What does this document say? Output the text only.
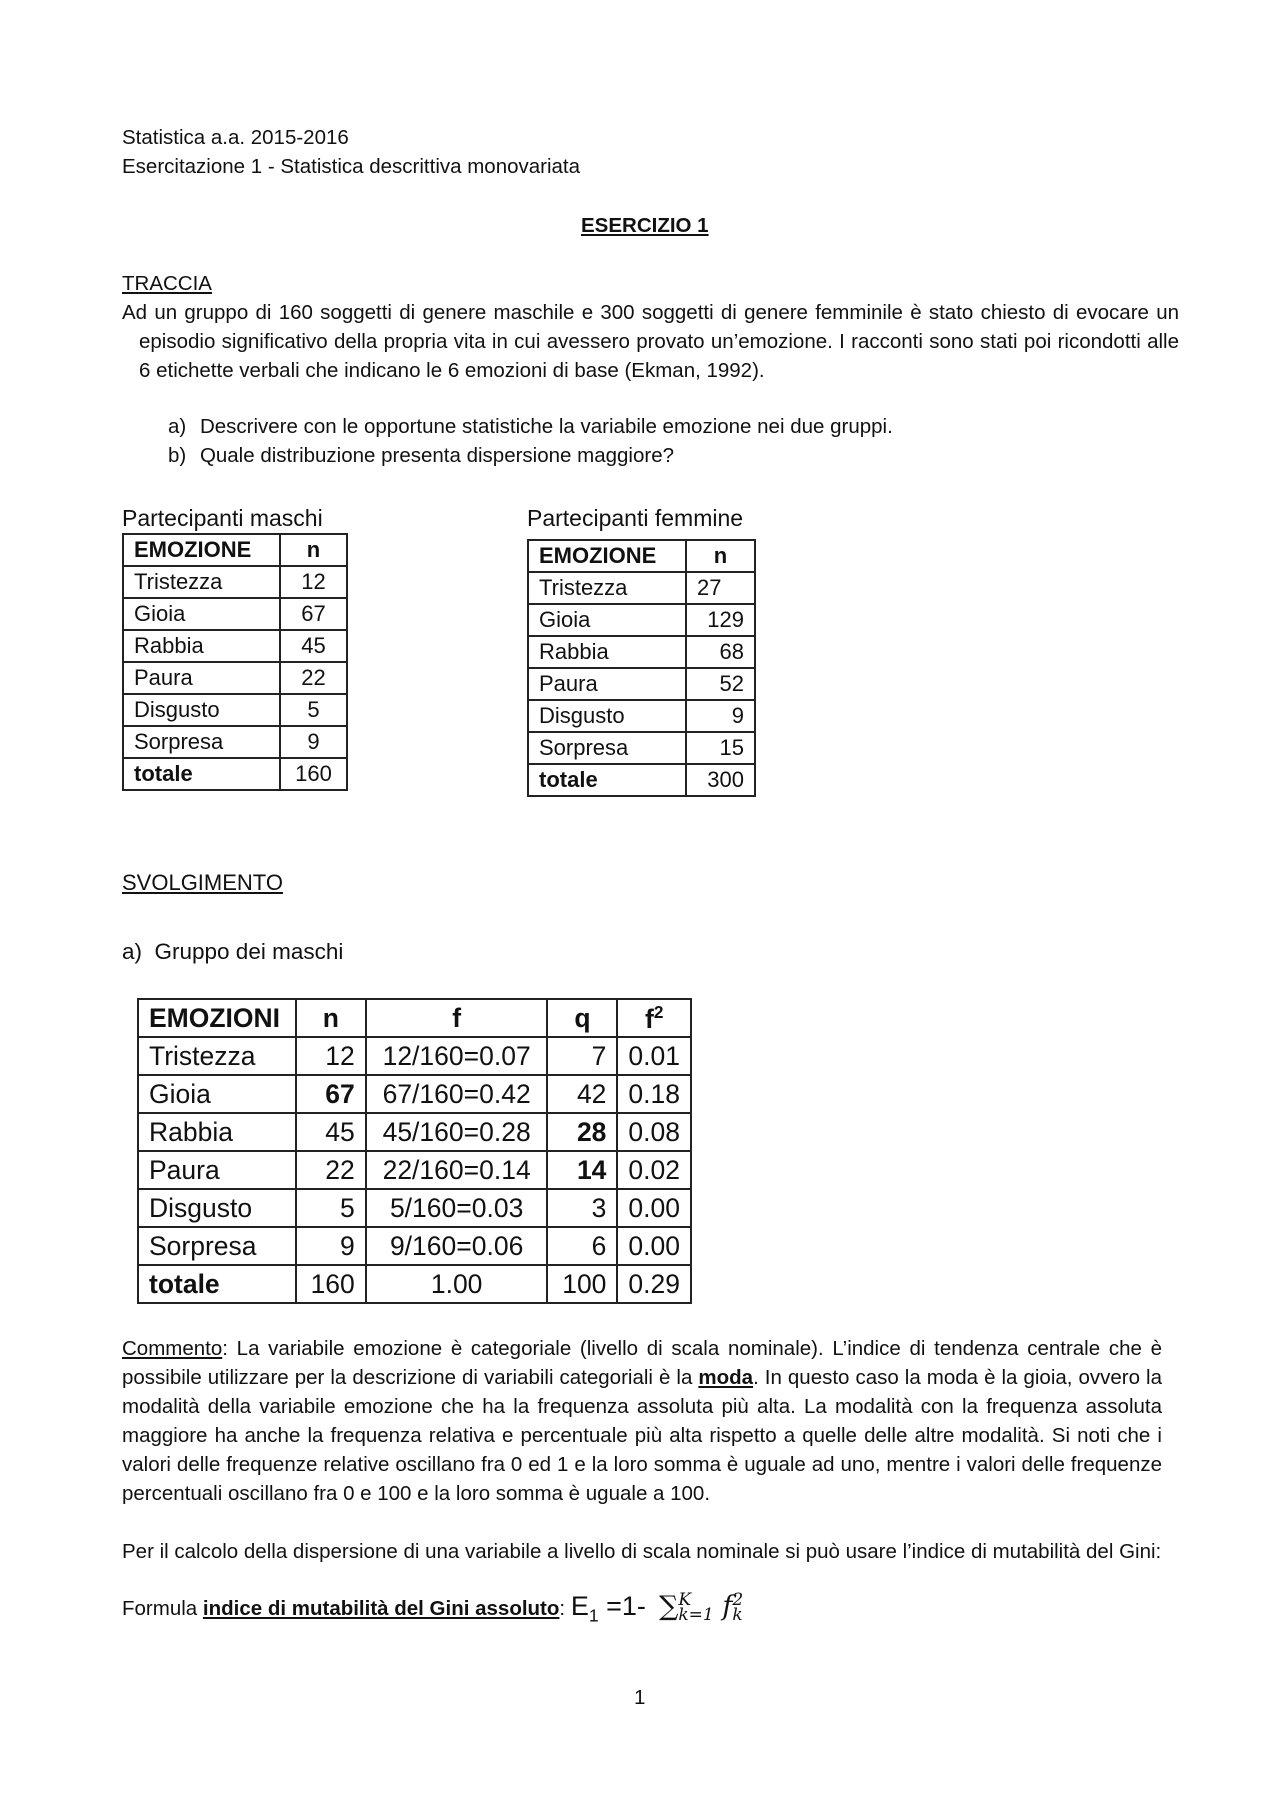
Statistica a.a. 2015-2016
Esercitazione 1 - Statistica descrittiva monovariata
ESERCIZIO 1
TRACCIA
Ad un gruppo di 160 soggetti di genere maschile e 300 soggetti di genere femminile è stato chiesto di evocare un episodio significativo della propria vita in cui avessero provato un’emozione. I racconti sono stati poi ricondotti alle 6 etichette verbali che indicano le 6 emozioni di base (Ekman, 1992).
a) Descrivere con le opportune statistiche la variabile emozione nei due gruppi.
b) Quale distribuzione presenta dispersione maggiore?
Partecipanti maschi
EMOZIONE	n
Tristezza	12
Gioia	67
Rabbia	45
Paura	22
Disgusto	5
Sorpresa	9
totale	160
Partecipanti femmine
EMOZIONE	n
Tristezza	27
Gioia	129
Rabbia	68
Paura	52
Disgusto	9
Sorpresa	15
totale	300
SVOLGIMENTO
a)  Gruppo dei maschi
EMOZIONI	n	f	q	$f^2$
Tristezza	12	12/160=0.07	7	0.01
Gioia	67	67/160=0.42	42	0.18
Rabbia	45	45/160=0.28	28	0.08
Paura	22	22/160=0.14	14	0.02
Disgusto	5	5/160=0.03	3	0.00
Sorpresa	9	9/160=0.06	6	0.00
totale	160	1.00	100	0.29
Commento: La variabile emozione è categoriale (livello di scala nominale). L’indice di tendenza centrale che è possibile utilizzare per la descrizione di variabili categoriali è la moda. In questo caso la moda è la gioia, ovvero la modalità della variabile emozione che ha la frequenza assoluta più alta. La modalità con la frequenza assoluta maggiore ha anche la frequenza relativa e percentuale più alta rispetto a quelle delle altre modalità. Si noti che i valori delle frequenze relative oscillano fra 0 ed 1 e la loro somma è uguale ad uno, mentre i valori delle frequenze percentuali oscillano fra 0 e 100 e la loro somma è uguale a 100.
Per il calcolo della dispersione di una variabile a livello di scala nominale si può usare l’indice di mutabilità del Gini:
Formula indice di mutabilità del Gini assoluto: $E_1 =1-$  ∑ K
k=1 f 2
k
1
